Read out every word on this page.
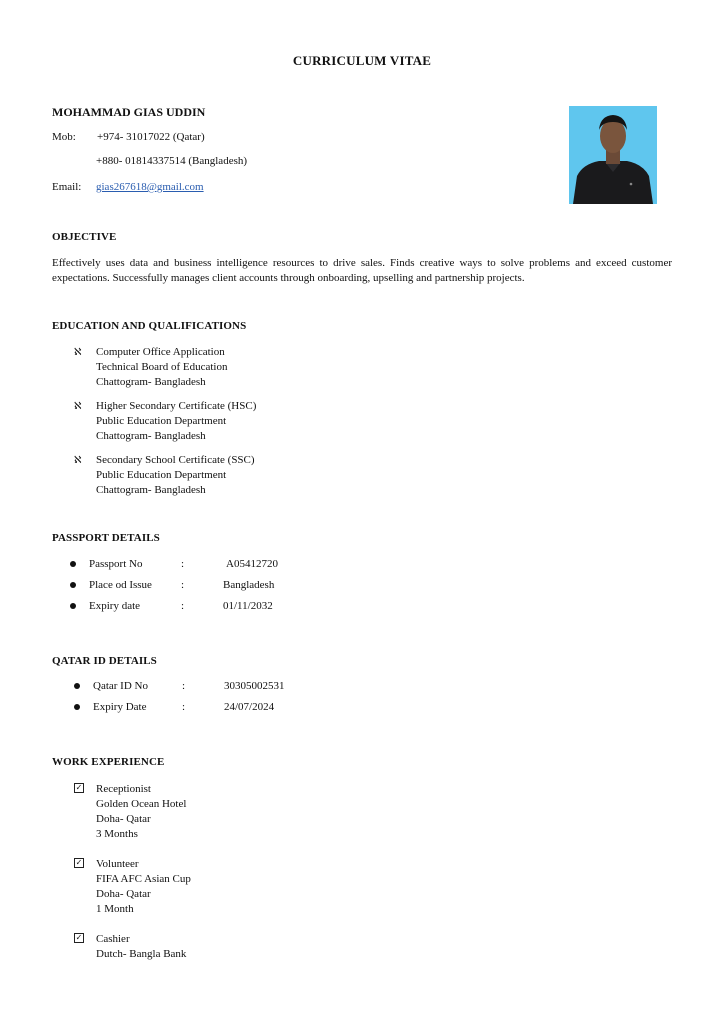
CURRICULUM VITAE
MOHAMMAD GIAS UDDIN
Mob: +974- 31017022 (Qatar)
+880- 01814337514 (Bangladesh)
Email: gias267618@gmail.com
OBJECTIVE
Effectively uses data and business intelligence resources to drive sales. Finds creative ways to solve problems and exceed customer expectations. Successfully manages client accounts through onboarding, upselling and partnership projects.
EDUCATION AND QUALIFICATIONS
ℵ	Computer Office Application
Technical Board of Education
Chattogram- Bangladesh
ℵ	Higher Secondary Certificate (HSC)
Public Education Department
Chattogram- Bangladesh
ℵ	Secondary School Certificate (SSC)
Public Education Department
Chattogram- Bangladesh
PASSPORT DETAILS
Passport No	:	A05412720
Place od Issue	:	Bangladesh
Expiry date	:	01/11/2032
QATAR ID DETAILS
Qatar ID No	:	30305002531
Expiry Date	:	24/07/2024
WORK EXPERIENCE
✓ Receptionist
Golden Ocean Hotel
Doha- Qatar
3 Months
✓ Volunteer
FIFA AFC Asian Cup
Doha- Qatar
1 Month
✓ Cashier
Dutch- Bangla Bank
